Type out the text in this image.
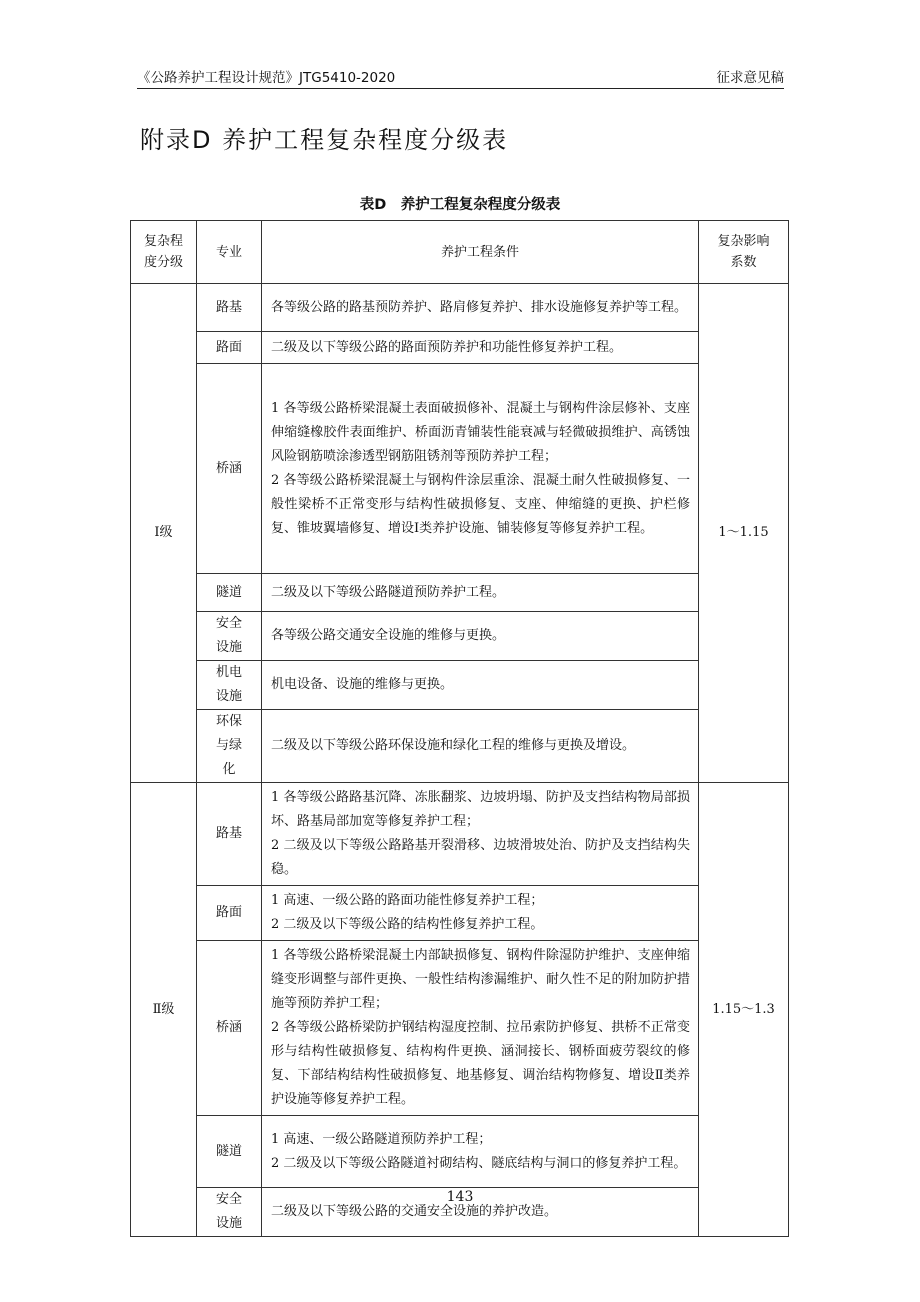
《公路养护工程设计规范》JTG5410-2020	征求意见稿
附录D 养护工程复杂程度分级表
表D　养护工程复杂程度分级表
复杂程度分级	专业	养护工程条件	复杂影响系数

Ⅰ级	路基	各等级公路的路基预防养护、路肩修复养护、排水设施修复养护等工程。	1～1.15

	路面	二级及以下等级公路的路面预防养护和功能性修复养护工程。	

	桥涵	1 各等级公路桥梁混凝土表面破损修补、混凝土与钢构件涂层修补、支座伸缩缝橡胶件表面维护、桥面沥青铺装性能衰减与轻微破损维护、高锈蚀风险钢筋喷涂渗透型钢筋阻锈剂等预防养护工程；
2 各等级公路桥梁混凝土与钢构件涂层重涂、混凝土耐久性破损修复、一般性梁桥不正常变形与结构性破损修复、支座、伸缩缝的更换、护栏修复、锥坡翼墙修复、增设Ⅰ类养护设施、铺装修复等修复养护工程。	

	隧道	二级及以下等级公路隧道预防养护工程。	

	安全设施	各等级公路交通安全设施的维修与更换。	

	机电设施	机电设备、设施的维修与更换。	

	环保与绿化	二级及以下等级公路环保设施和绿化工程的维修与更换及增设。	

Ⅱ级	路基	1 各等级公路路基沉降、冻胀翻浆、边坡坍塌、防护及支挡结构物局部损坏、路基局部加宽等修复养护工程；
2 二级及以下等级公路路基开裂滑移、边坡滑坡处治、防护及支挡结构失稳。	1.15～1.3

	路面	1 高速、一级公路的路面功能性修复养护工程；
2 二级及以下等级公路的结构性修复养护工程。	

	桥涵	1 各等级公路桥梁混凝土内部缺损修复、钢构件除湿防护维护、支座伸缩缝变形调整与部件更换、一般性结构渗漏维护、耐久性不足的附加防护措施等预防养护工程；
2 各等级公路桥梁防护钢结构湿度控制、拉吊索防护修复、拱桥不正常变形与结构性破损修复、结构构件更换、涵洞接长、钢桥面疲劳裂纹的修复、下部结构结构性破损修复、地基修复、调治结构物修复、增设Ⅱ类养护设施等修复养护工程。	

	隧道	1 高速、一级公路隧道预防养护工程；
2 二级及以下等级公路隧道衬砌结构、隧底结构与洞口的修复养护工程。	

	安全设施	二级及以下等级公路的交通安全设施的养护改造。	
143
